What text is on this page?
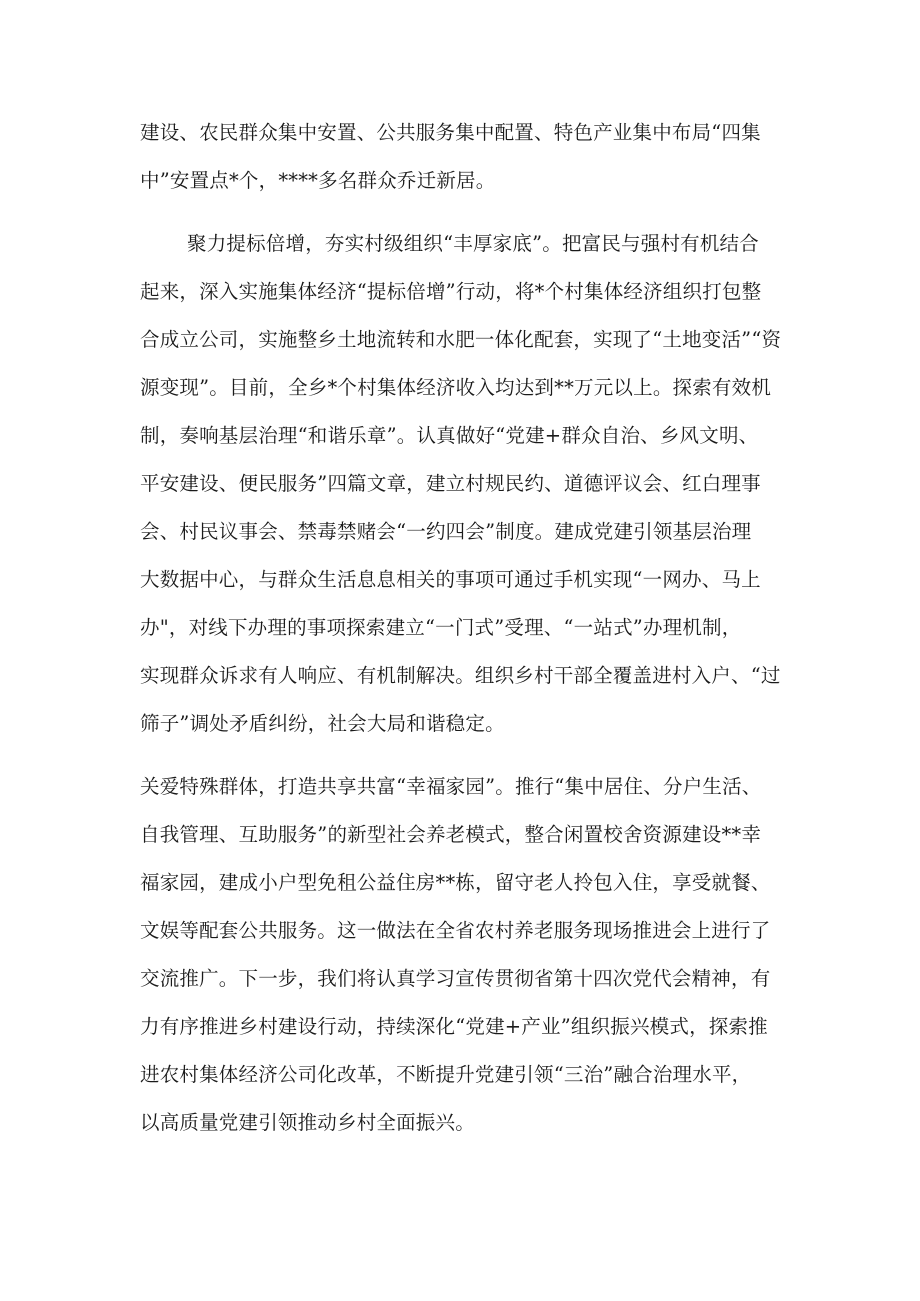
建设、农民群众集中安置、公共服务集中配置、特色产业集中布局“四集

中”安置点*个，****多名群众乔迁新居。

聚力提标倍增，夯实村级组织“丰厚家底”。把富民与强村有机结合

起来，深入实施集体经济“提标倍增”行动，将*个村集体经济组织打包整

合成立公司，实施整乡土地流转和水肥一体化配套，实现了“土地变活”“资

源变现”。目前，全乡*个村集体经济收入均达到**万元以上。探索有效机

制，奏响基层治理“和谐乐章”。认真做好“党建+群众自治、乡风文明、

平安建设、便民服务”四篇文章，建立村规民约、道德评议会、红白理事

会、村民议事会、禁毒禁赌会“一约四会”制度。建成党建引领基层治理

大数据中心，与群众生活息息相关的事项可通过手机实现“一网办、马上

办"，对线下办理的事项探索建立“一门式”受理、“一站式”办理机制，

实现群众诉求有人响应、有机制解决。组织乡村干部全覆盖进村入户、“过

筛子”调处矛盾纠纷，社会大局和谐稳定。

关爱特殊群体，打造共享共富“幸福家园”。推行“集中居住、分户生活、

自我管理、互助服务”的新型社会养老模式，整合闲置校舍资源建设**幸

福家园，建成小户型免租公益住房**栋，留守老人拎包入住，享受就餐、

文娱等配套公共服务。这一做法在全省农村养老服务现场推进会上进行了

交流推广。下一步，我们将认真学习宣传贯彻省第十四次党代会精神，有

力有序推进乡村建设行动，持续深化“党建+产业”组织振兴模式，探索推

进农村集体经济公司化改革，不断提升党建引领“三治”融合治理水平，

以高质量党建引领推动乡村全面振兴。
